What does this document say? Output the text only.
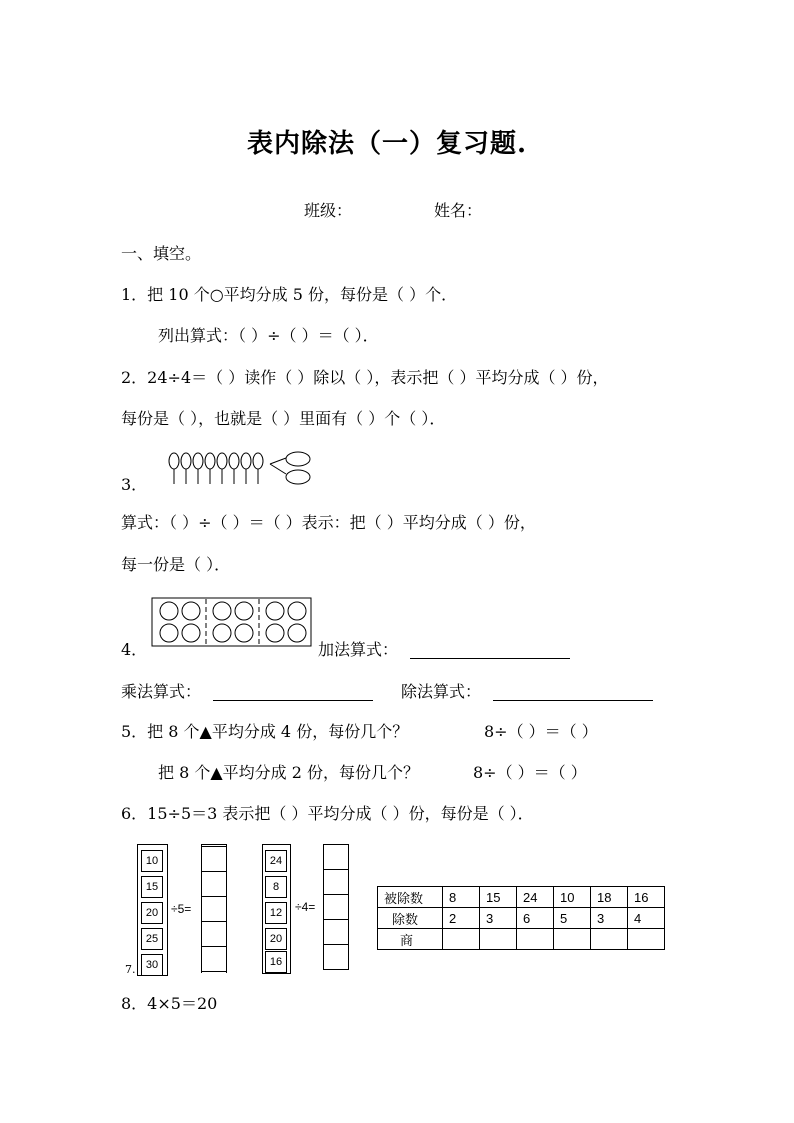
表内除法（一）复习题.
班级：	姓名：
一、填空。
1．把 10 个○平均分成 5 份，每份是（ ）个．
列出算式：（ ）÷（ ）＝（ ）．
2．24÷4＝（ ）读作（ ）除以（ ），表示把（ ）平均分成（ ）份，
每份是（ ），也就是（ ）里面有（ ）个（ ）．
3．
算式：（ ）÷（ ）＝（ ）表示：把（ ）平均分成（ ）份，
每一份是（ ）．
4．	加法算式：
乘法算式：	除法算式：
5．把 8 个▲平均分成 4 份，每份几个？	8÷（ ）＝（ ）
把 8 个▲平均分成 2 份，每份几个？	8÷（ ）＝（ ）
6．15÷5＝3 表示把（ ）平均分成（ ）份，每份是（ ）．
7.
10
15
20
25
30
÷5=
24
8
12
20
16
÷4=
被除数	8	15	24	10	18	16
除数	2	3	6	5	3	4
商						
8．4×5＝20
